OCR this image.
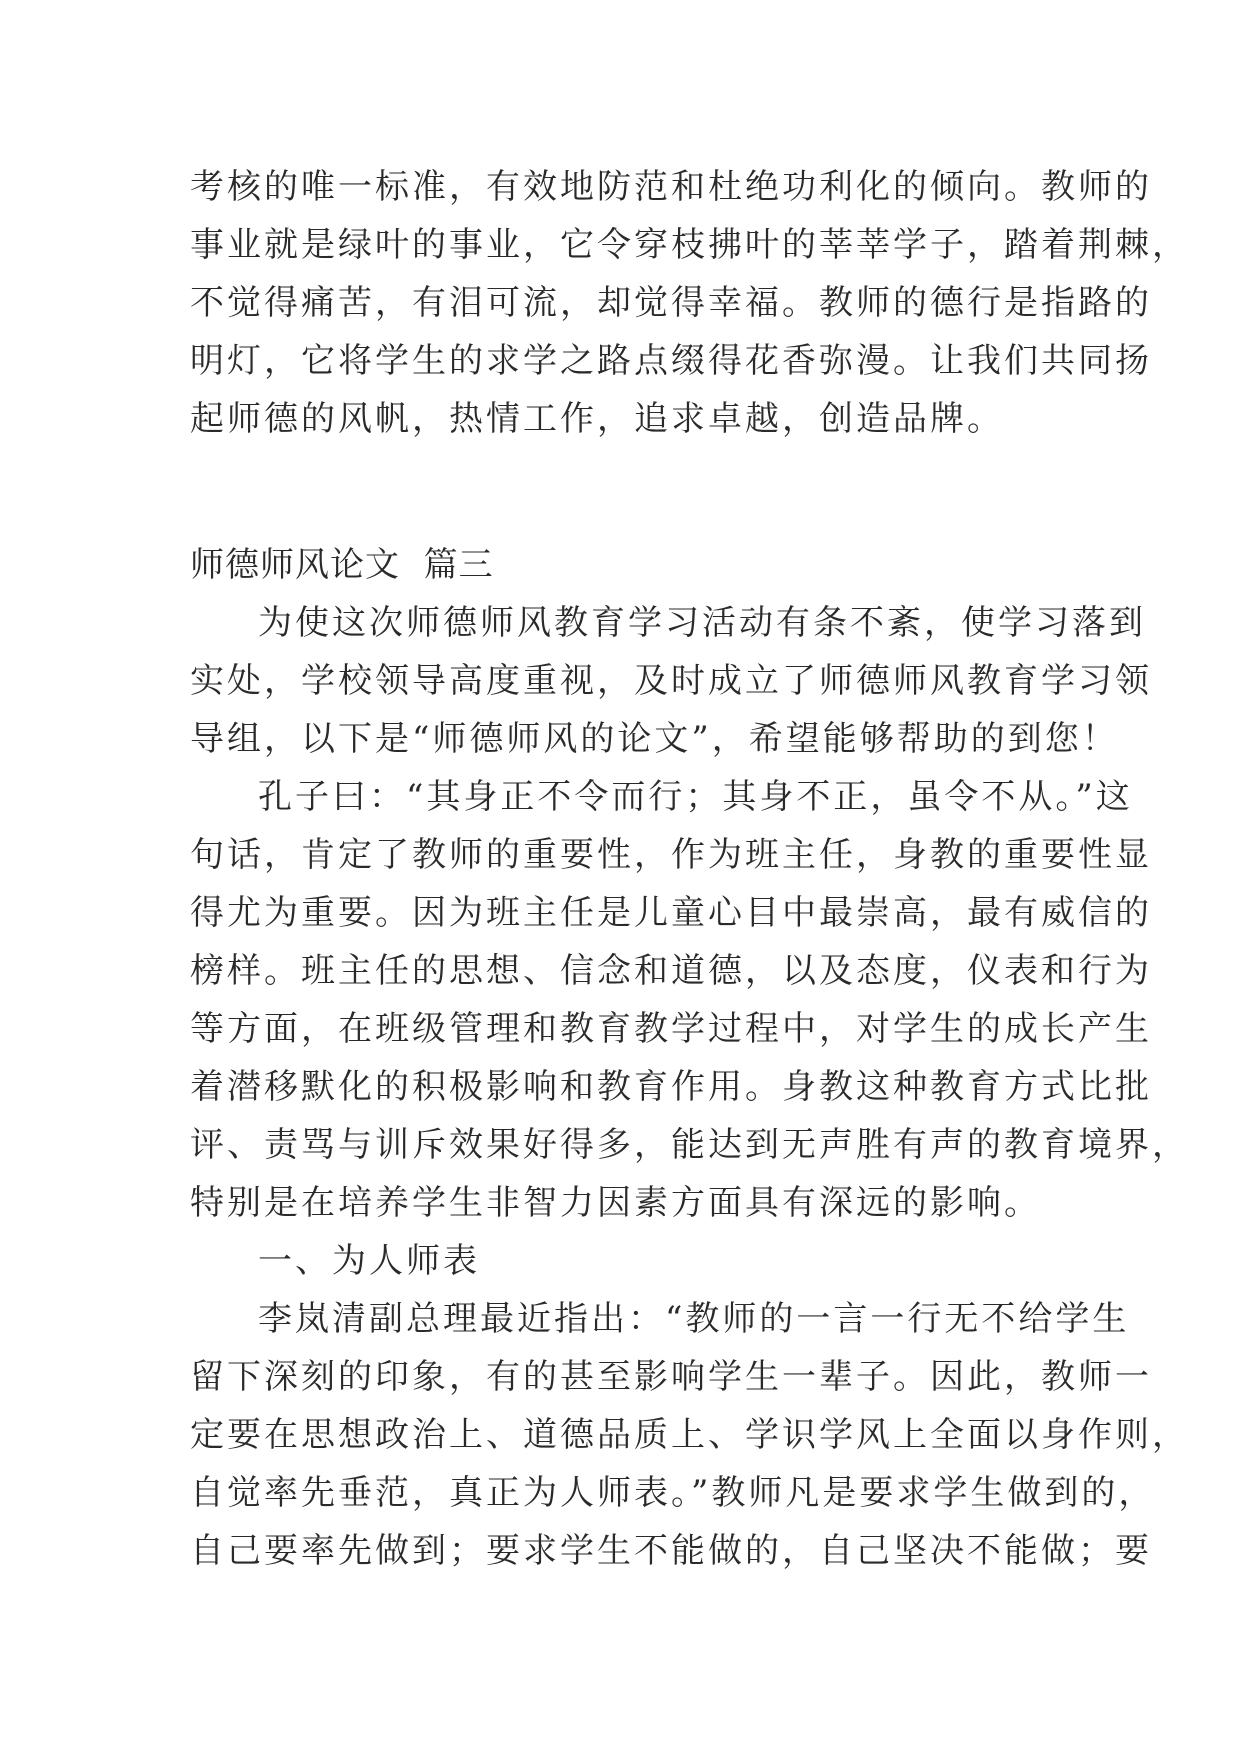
考核的唯一标准，有效地防范和杜绝功利化的倾向。教师的
事业就是绿叶的事业，它令穿枝拂叶的莘莘学子，踏着荆棘，
不觉得痛苦，有泪可流，却觉得幸福。教师的德行是指路的
明灯，它将学生的求学之路点缀得花香弥漫。让我们共同扬
起师德的风帆，热情工作，追求卓越，创造品牌。
师德师风论文  篇三
为使这次师德师风教育学习活动有条不紊，使学习落到
实处，学校领导高度重视，及时成立了师德师风教育学习领
导组，以下是“师德师风的论文”，希望能够帮助的到您！
孔子曰：“其身正不令而行；其身不正，虽令不从。”这
句话，肯定了教师的重要性，作为班主任，身教的重要性显
得尤为重要。因为班主任是儿童心目中最崇高，最有威信的
榜样。班主任的思想、信念和道德，以及态度，仪表和行为
等方面，在班级管理和教育教学过程中，对学生的成长产生
着潜移默化的积极影响和教育作用。身教这种教育方式比批
评、责骂与训斥效果好得多，能达到无声胜有声的教育境界，
特别是在培养学生非智力因素方面具有深远的影响。
一、为人师表
李岚清副总理最近指出：“教师的一言一行无不给学生
留下深刻的印象，有的甚至影响学生一辈子。因此，教师一
定要在思想政治上、道德品质上、学识学风上全面以身作则，
自觉率先垂范，真正为人师表。”教师凡是要求学生做到的，
自己要率先做到；要求学生不能做的，自己坚决不能做；要
